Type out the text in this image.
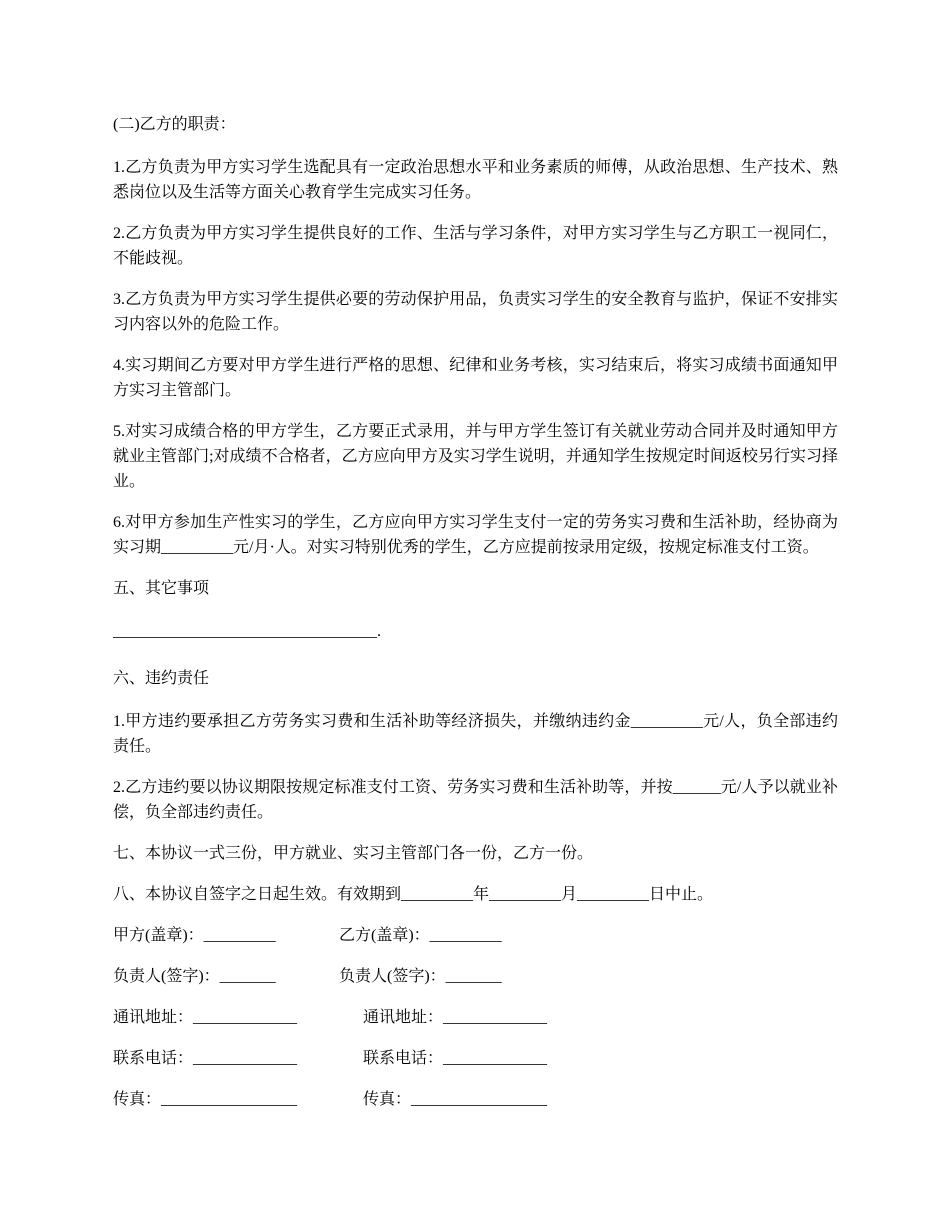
(二)乙方的职责：

1.乙方负责为甲方实习学生选配具有一定政治思想水平和业务素质的师傅，从政治思想、生产技术、熟悉岗位以及生活等方面关心教育学生完成实习任务。

2.乙方负责为甲方实习学生提供良好的工作、生活与学习条件，对甲方实习学生与乙方职工一视同仁，不能歧视。

3.乙方负责为甲方实习学生提供必要的劳动保护用品，负责实习学生的安全教育与监护，保证不安排实习内容以外的危险工作。

4.实习期间乙方要对甲方学生进行严格的思想、纪律和业务考核，实习结束后，将实习成绩书面通知甲方实习主管部门。

5.对实习成绩合格的甲方学生，乙方要正式录用，并与甲方学生签订有关就业劳动合同并及时通知甲方就业主管部门;对成绩不合格者，乙方应向甲方及实习学生说明，并通知学生按规定时间返校另行实习择业。

6.对甲方参加生产性实习的学生，乙方应向甲方实习学生支付一定的劳务实习费和生活补助，经协商为实习期_________元/月·人。对实习特别优秀的学生，乙方应提前按录用定级，按规定标准支付工资。

五、其它事项

_________________________________.

六、违约责任

1.甲方违约要承担乙方劳务实习费和生活补助等经济损失，并缴纳违约金_________元/人，负全部违约责任。

2.乙方违约要以协议期限按规定标准支付工资、劳务实习费和生活补助等，并按______元/人予以就业补偿，负全部违约责任。

七、本协议一式三份，甲方就业、实习主管部门各一份，乙方一份。

八、本协议自签字之日起生效。有效期到_________年_________月_________日中止。

甲方(盖章)：_________	乙方(盖章)：_________
负责人(签字)：_______	负责人(签字)：_______
通讯地址：_____________	通讯地址：_____________
联系电话：_____________	联系电话：_____________
传真：_________________	传真：_________________
